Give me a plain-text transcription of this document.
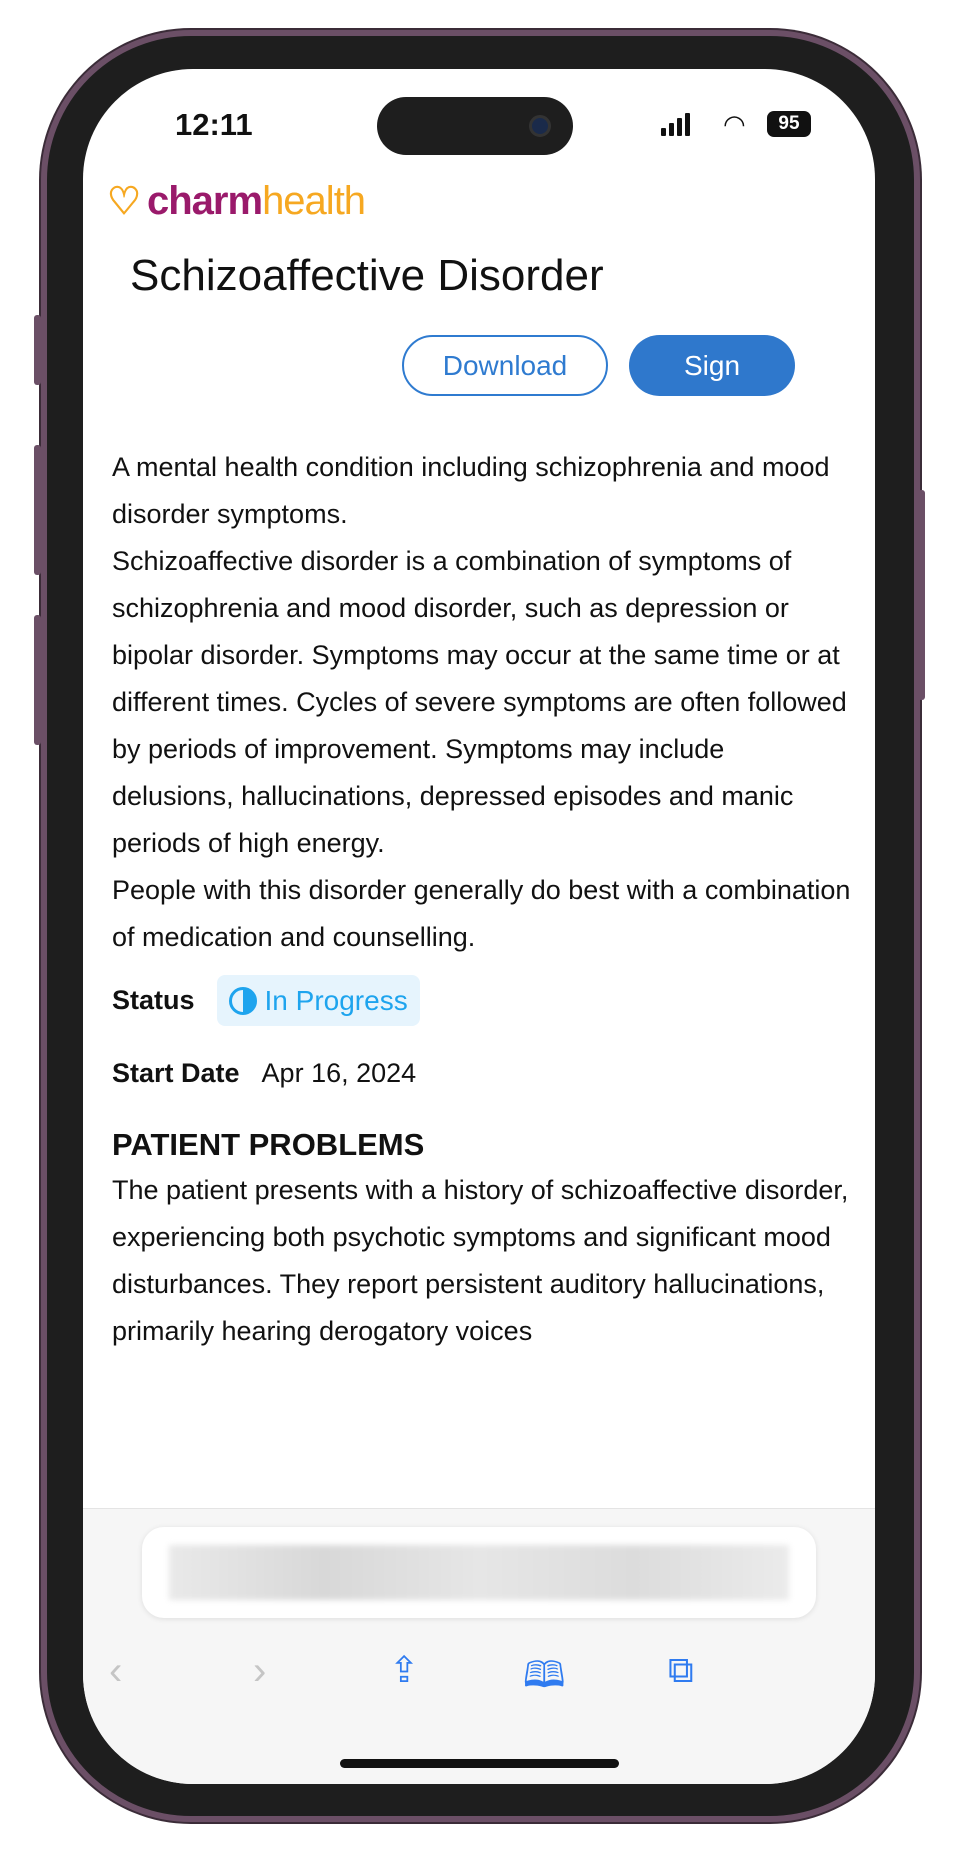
12:11	◠	95
♡ charm health
Schizoaffective Disorder
Download	Sign

A mental health condition including schizophrenia and mood disorder symptoms.

Schizoaffective disorder is a combination of symptoms of schizophrenia and mood disorder, such as depression or bipolar disorder. Symptoms may occur at the same time or at different times. Cycles of severe symptoms are often followed by periods of improvement. Symptoms may include delusions, hallucinations, depressed episodes and manic periods of high energy.

People with this disorder generally do best with a combination of medication and counselling.

Status	In Progress
Start Date Apr 16, 2024
PATIENT PROBLEMS

The patient presents with a history of schizoaffective disorder, experiencing both psychotic symptoms and significant mood disturbances. They report persistent auditory hallucinations, primarily hearing derogatory voices

‹	›	⇪	🕮	⧉
